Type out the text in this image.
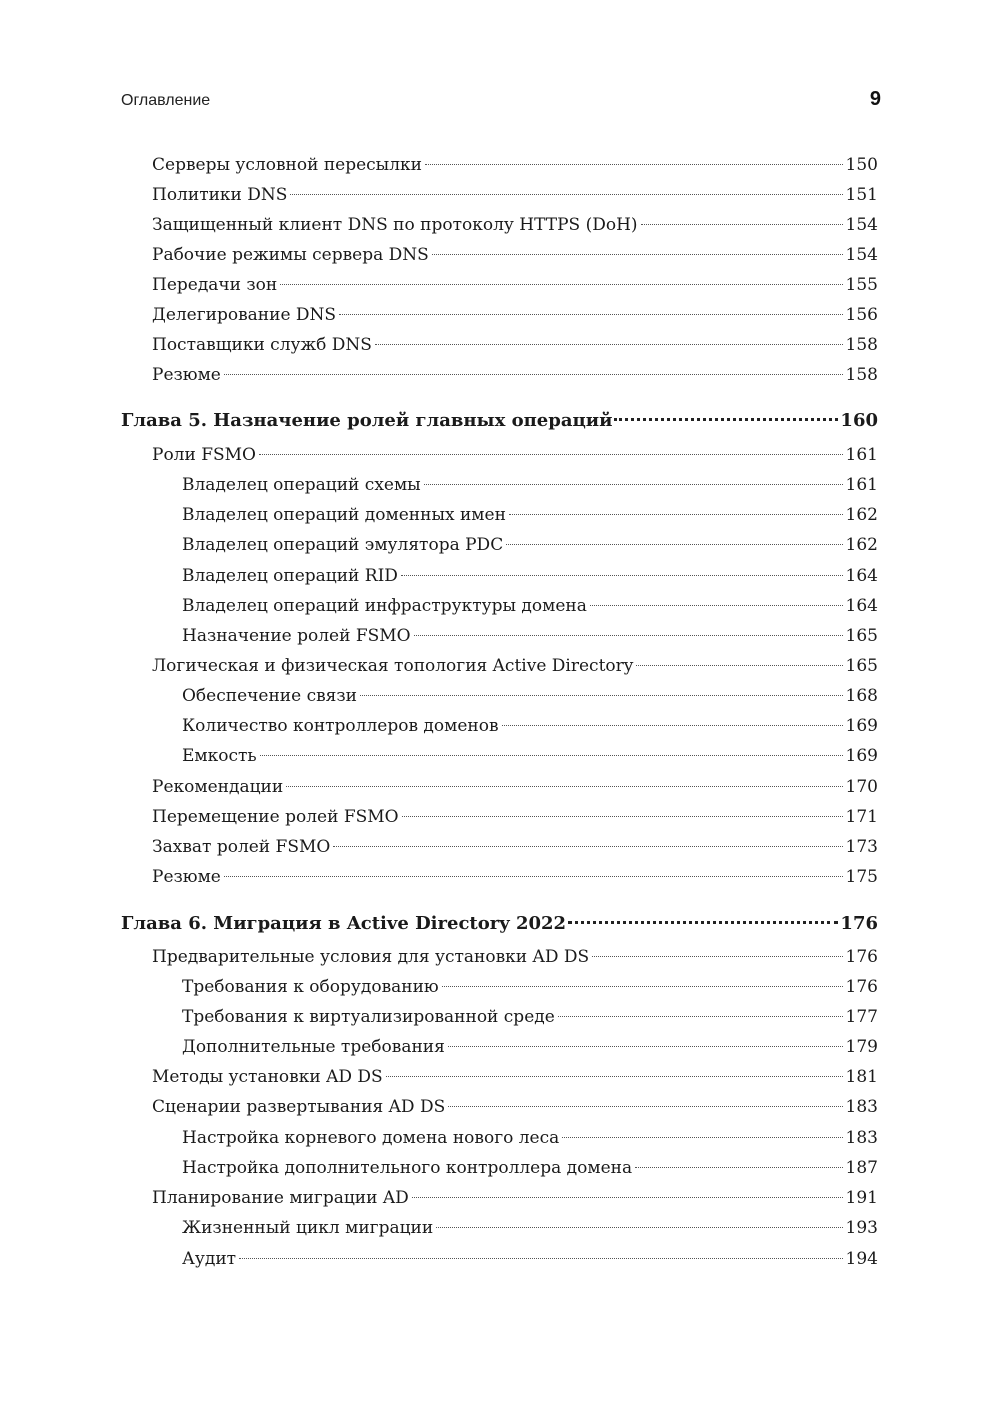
Оглавление	9
Серверы условной пересылки	150
Политики DNS	151
Защищенный клиент DNS по протоколу HTTPS (DoH)	154
Рабочие режимы сервера DNS	154
Передачи зон	155
Делегирование DNS	156
Поставщики служб DNS	158
Резюме	158
Глава 5. Назначение ролей главных операций	160
Роли FSMO	161
Владелец операций схемы	161
Владелец операций доменных имен	162
Владелец операций эмулятора PDC	162
Владелец операций RID	164
Владелец операций инфраструктуры домена	164
Назначение ролей FSMO	165
Логическая и физическая топология Active Directory	165
Обеспечение связи	168
Количество контроллеров доменов	169
Емкость	169
Рекомендации	170
Перемещение ролей FSMO	171
Захват ролей FSMO	173
Резюме	175
Глава 6. Миграция в Active Directory 2022	176
Предварительные условия для установки AD DS	176
Требования к оборудованию	176
Требования к виртуализированной среде	177
Дополнительные требования	179
Методы установки AD DS	181
Сценарии развертывания AD DS	183
Настройка корневого домена нового леса	183
Настройка дополнительного контроллера домена	187
Планирование миграции AD	191
Жизненный цикл миграции	193
Аудит	194
